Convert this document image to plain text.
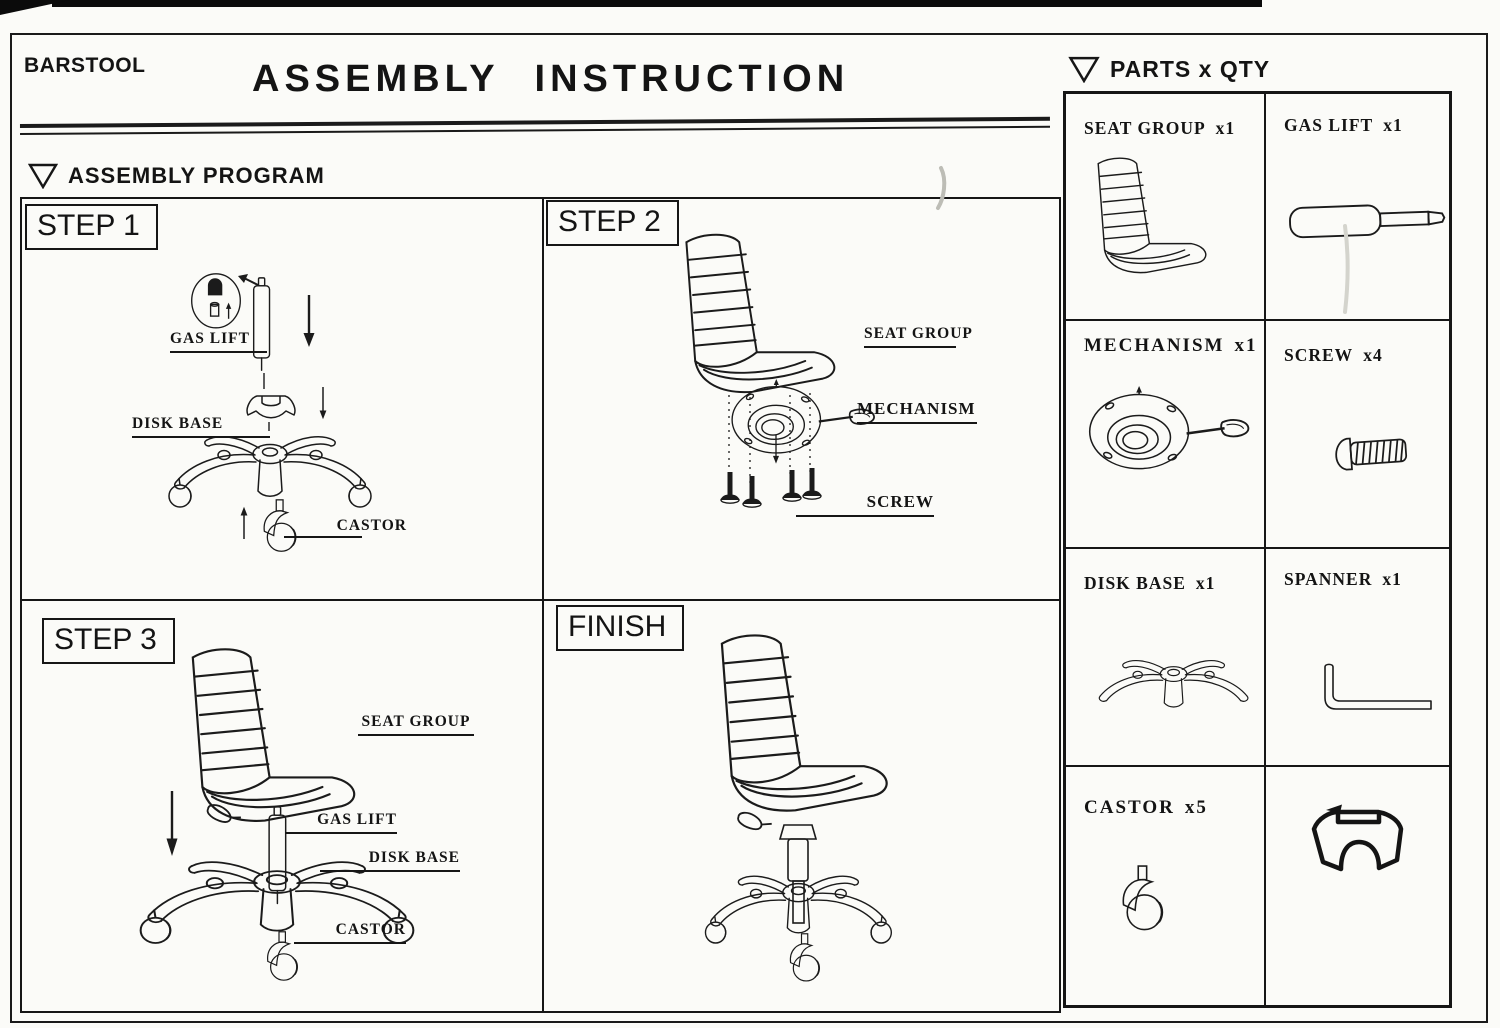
BARSTOOL	ASSEMBLY INSTRUCTION
ASSEMBLY PROGRAM
STEP 1
GAS LIFT
DISK BASE
CASTOR
STEP 2
SEAT GROUP
MECHANISM
SCREW
STEP 3
SEAT GROUP
GAS LIFT
DISK BASE
CASTOR
FINISH
PARTS x QTY
SEAT GROUP x1	GAS LIFT x1
MECHANISM x1 SCREW x4
DISK BASE x1	SPANNER x1
CASTOR x5
